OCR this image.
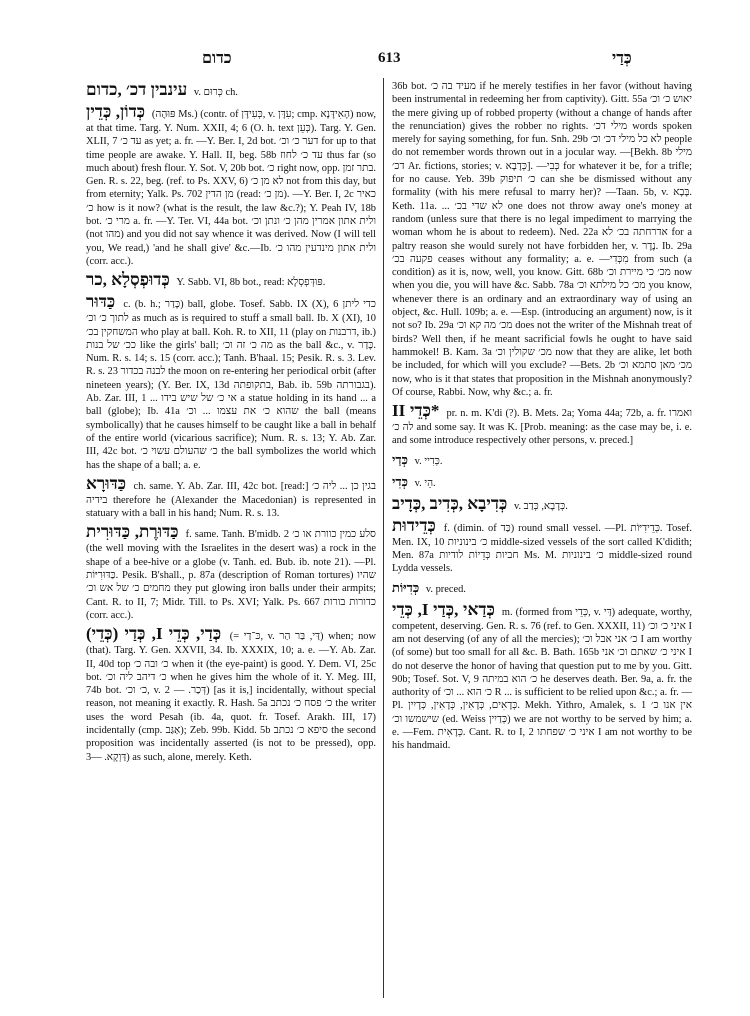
כדום	613	כְּדַי
עינבין דכ׳ ,כדום v. כְּרוּם ch.
כְּדוֹן, כְּדֵין (פּוּהֶה Ms.) (contr. of כְּעִידָּן, v. עִדָּן; cmp. הָאִידָּנָא) now, at that time. Targ. Y. Num. XXII, 4; 6 (O. h. text כְּעֵן). Targ. Y. Gen. XLII, 7 עד כ׳ as yet; a. fr. —Y. Ber. I, 2d bot. דער כ׳ וכ׳ for up to that time people are awake. Y. Hall. II, beg. 58b עד כ׳ לחוז thus far (so much about) fresh flour. Y. Sot. V, 20b bot. כ׳ right now, opp. בתר זמן. Gen. R. s. 22, beg. (ref. to Ps. XXV, 6) לא מן כ׳ not from this day, but from eternity; Yalk. Ps. 702 מן הדין (read: מן כ׳). —Y. Ber. I, 2c כאיר כ׳ how is it now? (what is the result, the law &c.?); Y. Peah IV, 18b bot. מרי כ׳ a. fr. —Y. Ter. VI, 44a bot. ולית אתון אמרין מהן כ׳ ונתן וכ׳ (not מהו) and you did not say whence it was derived. Now (I will tell you, We read,) 'and he shall give' &c.—Ib. ולית אתון מינדעין מהו כ׳ (corr. acc.).
כְּדוּפְסְלָא ,כר Y. Sabb. VI, 8b bot., read: פּוּדְּפְסְלָא.
כַּדּוּר c. (b. h.; כָּדַר) ball, globe. Tosef. Sabb. IX (X), 6 כדי ליתן לתוך כ׳ וכ׳ as much as is required to stuff a small ball. Ib. X (XI), 10 המשחקין בכ׳ who play at ball. Koh. R. to XII, 11 (play on דרבנות, ib.) ככ׳ של בנות like the girls' ball; מה כ׳ זה וכ׳ as the ball &c., v. כָּדַר. Num. R. s. 14; s. 15 (corr. acc.); Tanh. B'haal. 15; Pesik. R. s. 3. Lev. R. s. 23 לבנה בכדור the moon on re-entering her periodical orbit (after nineteen years); (Y. Ber. IX, 13d בתקופתה, Bab. ib. 59b בגבורתה). Ab. Zar. III, 1 ... אי כ׳ של שיש בידו a statue holding in its hand ... a ball (globe); Ib. 41a שהוא כ׳ את עצמו ... וכ׳ the ball (means symbolically) that he causes himself to be caught like a ball in behalf of the entire world (vicarious sacrifice); Num. R. s. 13; Y. Ab. Zar. III, 42c bot. כ׳ שהעולם עשוי כ׳ the ball symbolizes the world which has the shape of a ball; a. e.
כַּדּוּרָא ch. same. Y. Ab. Zar. III, 42c bot. [read:] בגין כן ... ליה כ׳ בידיה therefore he (Alexander the Macedonian) is represented in statuary with a ball in his hand; Num. R. s. 13.
כַּדּוּרֶת, כַּדּוּרִית f. same. Tanh. B'midb. 2 סלע כמין כוורת או כ׳ (the well moving with the Israelites in the desert was) a rock in the shape of a bee-hive or a globe (v. Tanh. ed. Bub. ib. note 21). —Pl. כַּדּוּרִיּוֹת. Pesik. B'shall., p. 87a (description of Roman tortures) שהיו מחמים כ׳ של אש וכ׳ they put glowing iron balls under their armpits; Cant. R. to II, 7; Midr. Till. to Ps. XVI; Yalk. Ps. 667 כדורות בורות (corr. acc.).
כְּדַי, כְּדֵי I, כְּדַי (כְּדֵי) (= כּ־דַי, v. דַּי, בַּר הַר) when; now (that). Targ. Y. Gen. XXVII, 34. Ib. XXXIX, 10; a. e. —Y. Ab. Zar. II, 40d top כ׳ ובה כ׳ when it (the eye-paint) is good. Y. Dem. VI, 25c bot. כ׳ דיהב ליה וכ׳ when he gives him the whole of it. Y. Meg. III, 74b bot. כ׳ וכ׳, v. דְּכַר. — 2) [as it is,] incidentally, without special reason, not meaning it exactly. R. Hash. 5a כ׳ פסח כ׳ נכתב the writer uses the word Pesah (ib. 4a, quot. fr. Tosef. Arakh. III, 17) incidentally (cmp. אַגַּב); Zeb. 99b. Kidd. 5b סיפא כ׳ נכתב the second proposition was incidentally asserted (is not to be pressed), opp. דַּוְקָא. —3) as such, alone, merely. Keth.
36b bot. מעיד בה כ׳ if he merely testifies in her favor (without having been instrumental in redeeming her from captivity). Gitt. 55a יאוש כ׳ וכ׳ the mere giving up of robbed property (without a change of hands after the renunciation) gives the robber no rights. מילי דכ׳ words spoken merely for saying something, for fun. Snh. 29b לא כל מילי דכ׳ וכ׳ people do not remember words thrown out in a jocular way. —[Bekh. 8b מילי דכ׳ Ar. fictions, stories; v. כְּדָבָא]. —כְּבִי for whatever it be, for a trifle; for no cause. Yeb. 39b כ׳ תיפוק can she be dismissed without any formality (with his mere refusal to marry her)? —Taan. 5b, v. בָּבָא. Keth. 11a. ... לא שדי בכ׳ one does not throw away one's money at random (unless sure that there is no legal impediment to marrying the woman whom he is about to redeem). Ned. 22a אדרחתה בכ׳ לא for a paltry reason she would surely not have forbidden her, v. נֶדֶר. Ib. 29a פקעה בכ׳ ceases without any formality; a. e. —מִכְּדִי from such (a condition) as it is, now, well, you know. Gitt. 68b מכ׳ כי מיירת וכ׳ now when you die, you will have &c. Sabb. 78a מכ׳ כל מילתא וכ׳ you know, whenever there is an ordinary and an extraordinary way of using an object, &c. Hull. 109b; a. e. —Esp. (introducing an argument) now, is it not so? Ib. 29a מכ׳ מה קא וכ׳ does not the writer of the Mishnah treat of birds? Well then, if he meant sacrificial fowls he ought to have said hammokel! B. Kam. 3a מכ׳ שקולין וכ׳ now that they are alike, let both be included, for which will you exclude? —Bets. 2b מכ׳ מאן סתמא וכ׳ now, who is it that states that proposition in the Mishnah anonymously? Of course, Rabbi. Now, why &c.; a. fr.
*כְּדֵי II pr. n. m. K'di (?). B. Mets. 2a; Yoma 44a; 72b, a. fr. ואמרו לה כ׳ and some say. It was K. [Prob. meaning: as the case may be, i. e. and some introduce respectively other persons, v. preced.]
כְּדַי v. כְּדִיי.
כְּדִי v. הֵי.
כְּדִיבָא ,כְּדִיב ,כְּדָיב v. כְּדָבָא, כְּדַב.
כְּדֵידוּת f. (dimin. of כַּד) round small vessel. —Pl. כְּדֵידִיּוֹת. Tosef. Men. IX, 10 כ׳ בינוניות middle-sized vessels of the sort called K'didith; Men. 87a חביות כְּדֵיוֹת לודיות Ms. M. כ׳ בינוניות middle-sized round Lydda vessels.
כְּדִיּוֹת v. preced.
כְּדַאי ,כְּדַי I, כְּדֵי m. (formed from כְּדֵי, v. דַּי) adequate, worthy, competent, deserving. Gen. R. s. 76 (ref. to Gen. XXXII, 11) איני כ׳ וכ׳ I am not deserving (of any of all the mercies); כ׳ אני אבל וכ׳ I am worthy (of some) but too small for all &c. B. Bath. 165b איני כ׳ שאתם וכ׳ אני I do not deserve the honor of having that question put to me by you. Gitt. 90b; Tosef. Sot. V, 9 כ׳ הוא במיתה he deserves death. Ber. 9a, a. fr. the authority of כ׳ הוא ... וכ׳ R ... is sufficient to be relied upon &c.; a. fr. —Pl. כְּדָאִים, כְּדָאִין, כְּדָאִין, כְּדָיִין. Mekh. Yithro, Amalek, s. 1 אין אנו כ׳ שישמשו וכ׳ (ed. Weiss כְּדַיִין) we are not worthy to be served by him; a. e. —Fem. כְּדָאִית. Cant. R. to I, 2 איני כ׳ שפחתו I am not worthy to be his handmaid.
